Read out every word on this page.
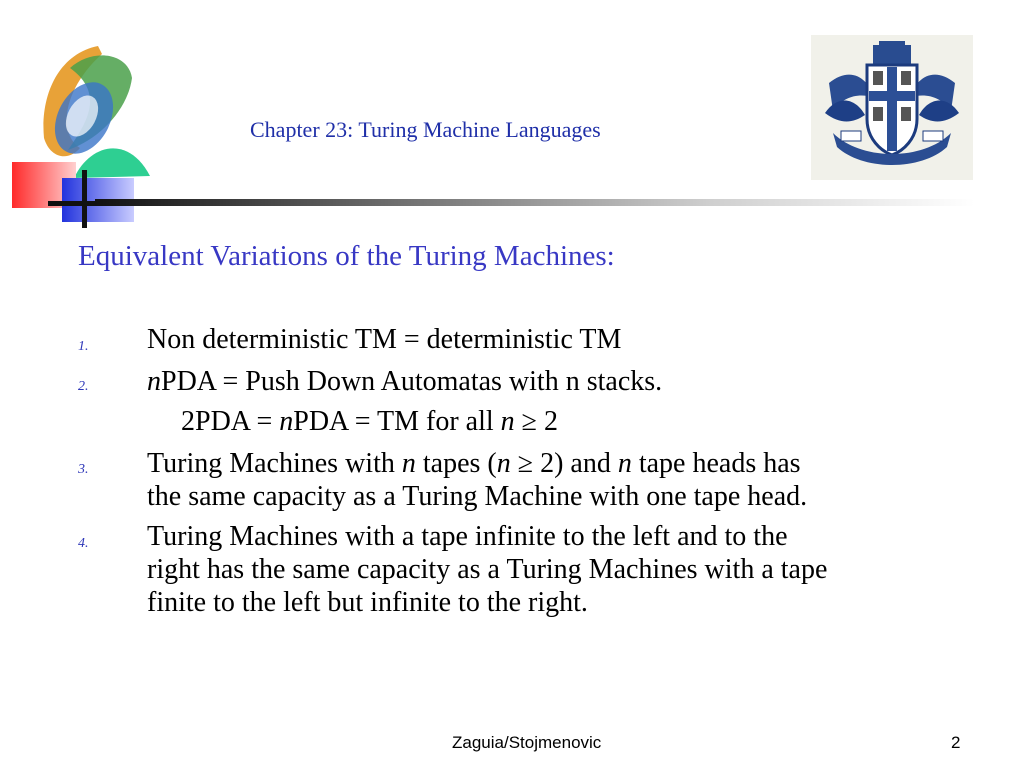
Chapter 23: Turing Machine Languages
Equivalent Variations of the Turing Machines:
1. Non deterministic TM = deterministic TM
2. nPDA = Push Down Automatas with n stacks.
2PDA = nPDA = TM for all n ≥ 2
3. Turing Machines with n tapes (n ≥ 2) and n tape heads has
the same capacity as a Turing Machine with one tape head.
4. Turing Machines with a tape infinite to the left and to the
right has the same capacity as a Turing Machines with a tape
finite to the left but infinite to the right.
Zaguia/Stojmenovic	2
